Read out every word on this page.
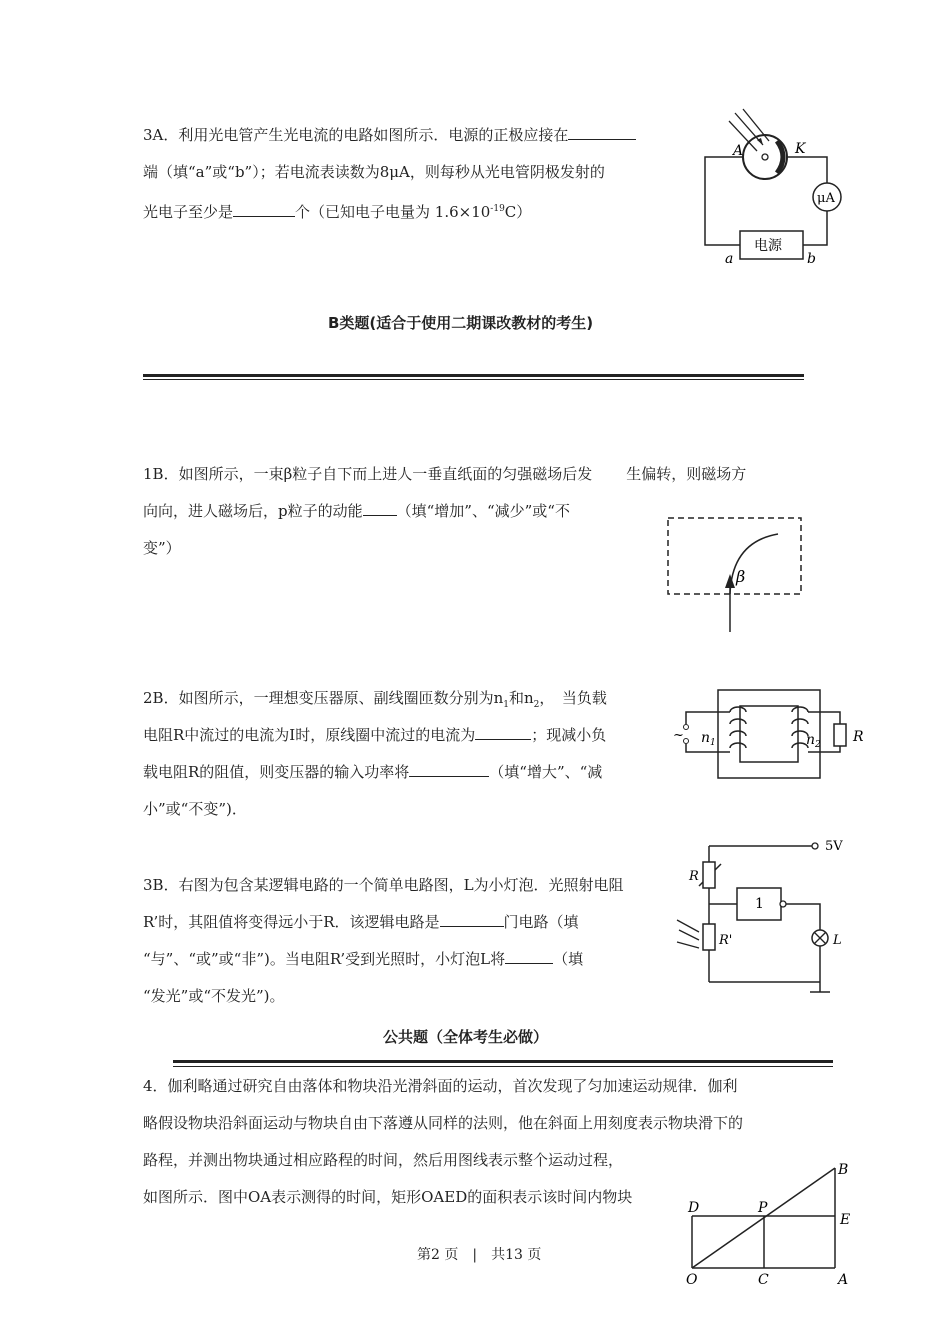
3A．利用光电管产生光电流的电路如图所示．电源的正极应接在
端（填“a”或“b”）；若电流表读数为8μA，则每秒从光电管阴极发射的
光电子至少是	个（已知电子电量为 $1.6\times 10^{-19}C$）
A	K
μA
电源
a	b
B类题(适合于使用二期课改教材的考生)
1B．如图所示，一束β粒子自下而上进人一垂直纸面的匀强磁场后发 生偏转，则磁场方
向向，进人磁场后，p粒子的动能 （填“增加”、“减少”或“不
变”）
β
2B．如图所示，一理想变压器原、副线圈匝数分别为$n_1$和$n_2$，　当负载
电阻R中流过的电流为I时，原线圈中流过的电流为	；现减小负
载电阻R的阻值，则变压器的输入功率将	（填“增大”、“减
小”或“不变”)．
~ $n_1$	$n_2$ R
3B．右图为包含某逻辑电路的一个简单电路图，L为小灯泡．光照射电阻
R’时，其阻值将变得远小于R．该逻辑电路是	门电路（填
“与”、“或”或“非”)。当电阻R’受到光照时，小灯泡L将	（填
“发光”或“不发光”)。
5V
R
R'
1
L
公共题（全体考生必做）
4．伽利略通过研究自由落体和物块沿光滑斜面的运动，首次发现了匀加速运动规律．伽利
略假设物块沿斜面运动与物块自由下落遵从同样的法则，他在斜面上用刻度表示物块滑下的
路程，并测出物块通过相应路程的时间，然后用图线表示整个运动过程，
如图所示．图中OA表示测得的时间，矩形OAED的面积表示该时间内物块
B
D	P
E
O	C	A
第2 页　|　共13 页
